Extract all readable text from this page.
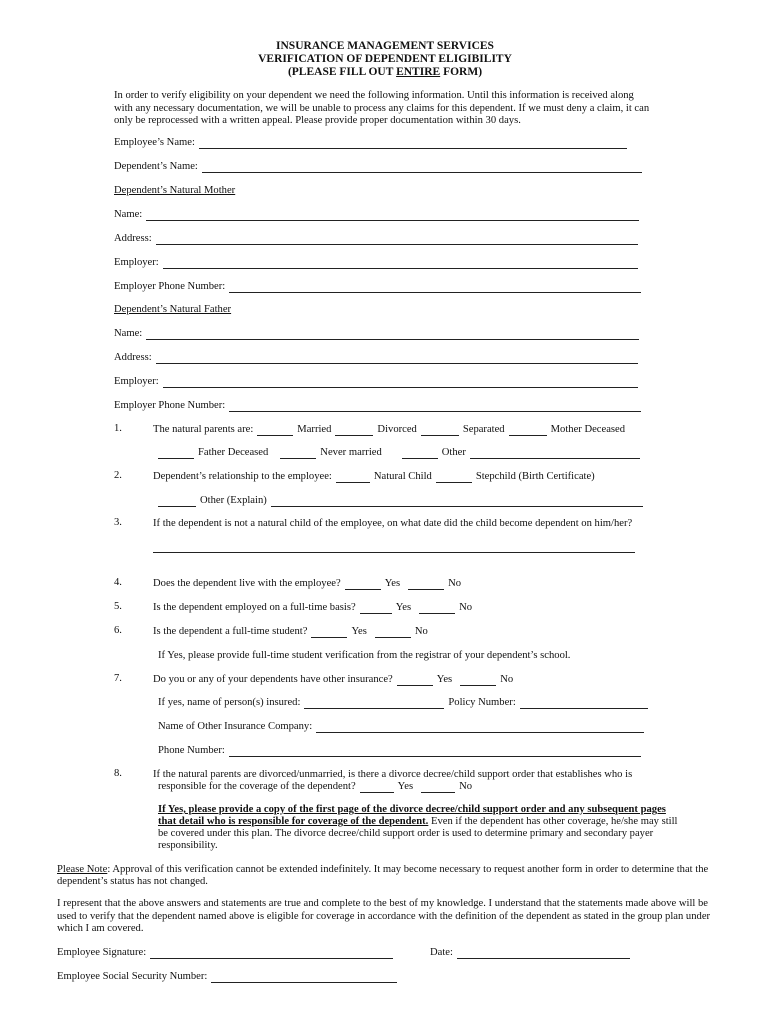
INSURANCE MANAGEMENT SERVICES
VERIFICATION OF DEPENDENT ELIGIBILITY
(PLEASE FILL OUT ENTIRE FORM)
In order to verify eligibility on your dependent we need the following information. Until this information is received along with any necessary documentation, we will be unable to process any claims for this dependent. If we must deny a claim, it can only be reprocessed with a written appeal. Please provide proper documentation within 30 days.
Employee’s Name:
Dependent’s Name:
Dependent’s Natural Mother
Name:
Address:
Employer:
Employer Phone Number:
Dependent’s Natural Father
Name:
Address:
Employer:
Employer Phone Number:
1.	The natural parents are:	Married	Divorced	Separated	Mother Deceased
Father Deceased	Never married	Other
2.	Dependent’s relationship to the employee:	Natural Child	Stepchild (Birth Certificate)
Other (Explain)
3.	If the dependent is not a natural child of the employee, on what date did the child become dependent on him/her?
4.	Does the dependent live with the employee?	Yes	No
5.	Is the dependent employed on a full-time basis?	Yes	No
6.	Is the dependent a full-time student?	Yes	No
If Yes, please provide full-time student verification from the registrar of your dependent’s school.
7.	Do you or any of your dependents have other insurance?	Yes	No
If yes, name of person(s) insured:	Policy Number:
Name of Other Insurance Company:
Phone Number:
8.	If the natural parents are divorced/unmarried, is there a divorce decree/child support order that establishes who is
responsible for the coverage of the dependent?	Yes	No
If Yes, please provide a copy of the first page of the divorce decree/child support order and any subsequent pages
that detail who is responsible for coverage of the dependent. Even if the dependent has other coverage, he/she may still
be covered under this plan. The divorce decree/child support order is used to determine primary and secondary payer
responsibility.
Please Note : Approval of this verification cannot be extended indefinitely. It may become necessary to request another form in order to determine that the
dependent’s status has not changed.
I represent that the above answers and statements are true and complete to the best of my knowledge. I understand that the statements made above will be used to verify that the dependent named above is eligible for coverage in accordance with the definition of the dependent as stated in the group plan under which I am covered.
Employee Signature:	Date:
Employee Social Security Number:
